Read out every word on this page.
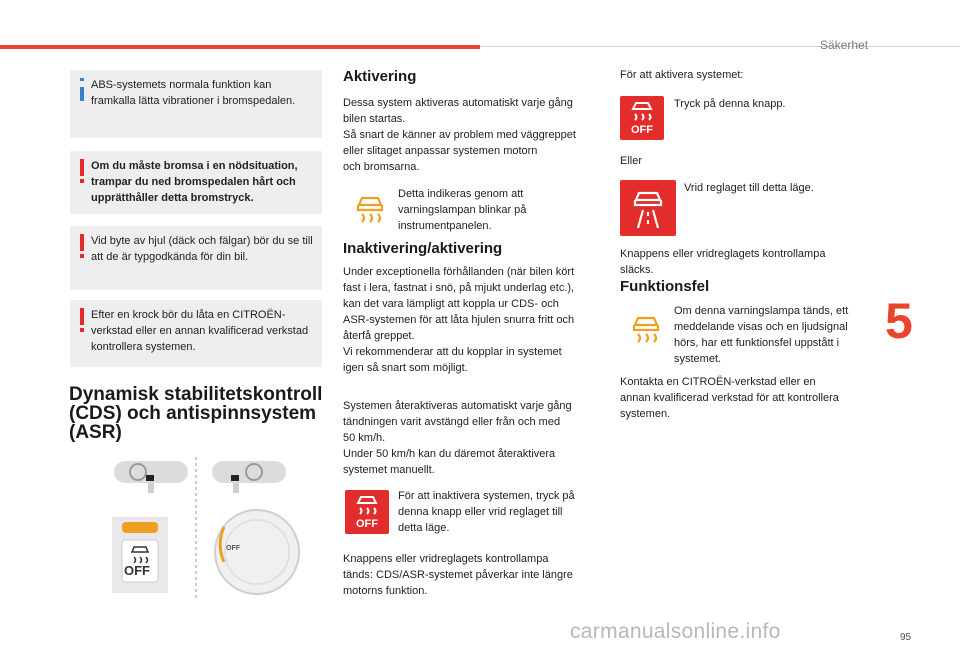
Säkerhet
5

ABS-systemets normala funktion kan framkalla lätta vibrationer i bromspedalen.

Om du måste bromsa i en nödsituation, trampar du ned bromspedalen hårt och upprätthåller detta bromstryck.

Vid byte av hjul (däck och fälgar) bör du se till att de är typgodkända för din bil.

Efter en krock bör du låta en CITROËN-verkstad eller en annan kvalificerad verkstad kontrollera systemen.

Dynamisk stabilitetskontroll
(CDS) och antispinnsystem
(ASR)
OFF
OFF
Aktivering

Dessa system aktiveras automatiskt varje gång

bilen startas.

Så snart de känner av problem med väggreppet

eller slitaget anpassar systemen motorn

och bromsarna.

Detta indikeras genom att

varningslampan blinkar på

instrumentpanelen.

Inaktivering/aktivering

Under exceptionella förhållanden (när bilen kört

fast i lera, fastnat i snö, på mjukt underlag etc.),

kan det vara lämpligt att koppla ur CDS- och

ASR-systemen för att låta hjulen snurra fritt och

återfå greppet.

Vi rekommenderar att du kopplar in systemet

igen så snart som möjligt.

Systemen återaktiveras automatiskt varje gång

tändningen varit avstängd eller från och med

50 km/h.

Under 50 km/h kan du däremot återaktivera

systemet manuellt.

OFF

För att inaktivera systemen, tryck på

denna knapp eller vrid reglaget till

detta läge.

Knappens eller vridreglagets kontrollampa

tänds: CDS/ASR-systemet påverkar inte längre

motorns funktion.

För att aktivera systemet:
OFF
Tryck på denna knapp.
Eller
Vrid reglaget till detta läge.

Knappens eller vridreglagets kontrollampa

släcks.

Funktionsfel

Om denna varningslampa tänds, ett

meddelande visas och en ljudsignal

hörs, har ett funktionsfel uppstått i

systemet.

Kontakta en CITROËN-verkstad eller en

annan kvalificerad verkstad för att kontrollera

systemen.

95
carmanualsonline.info
